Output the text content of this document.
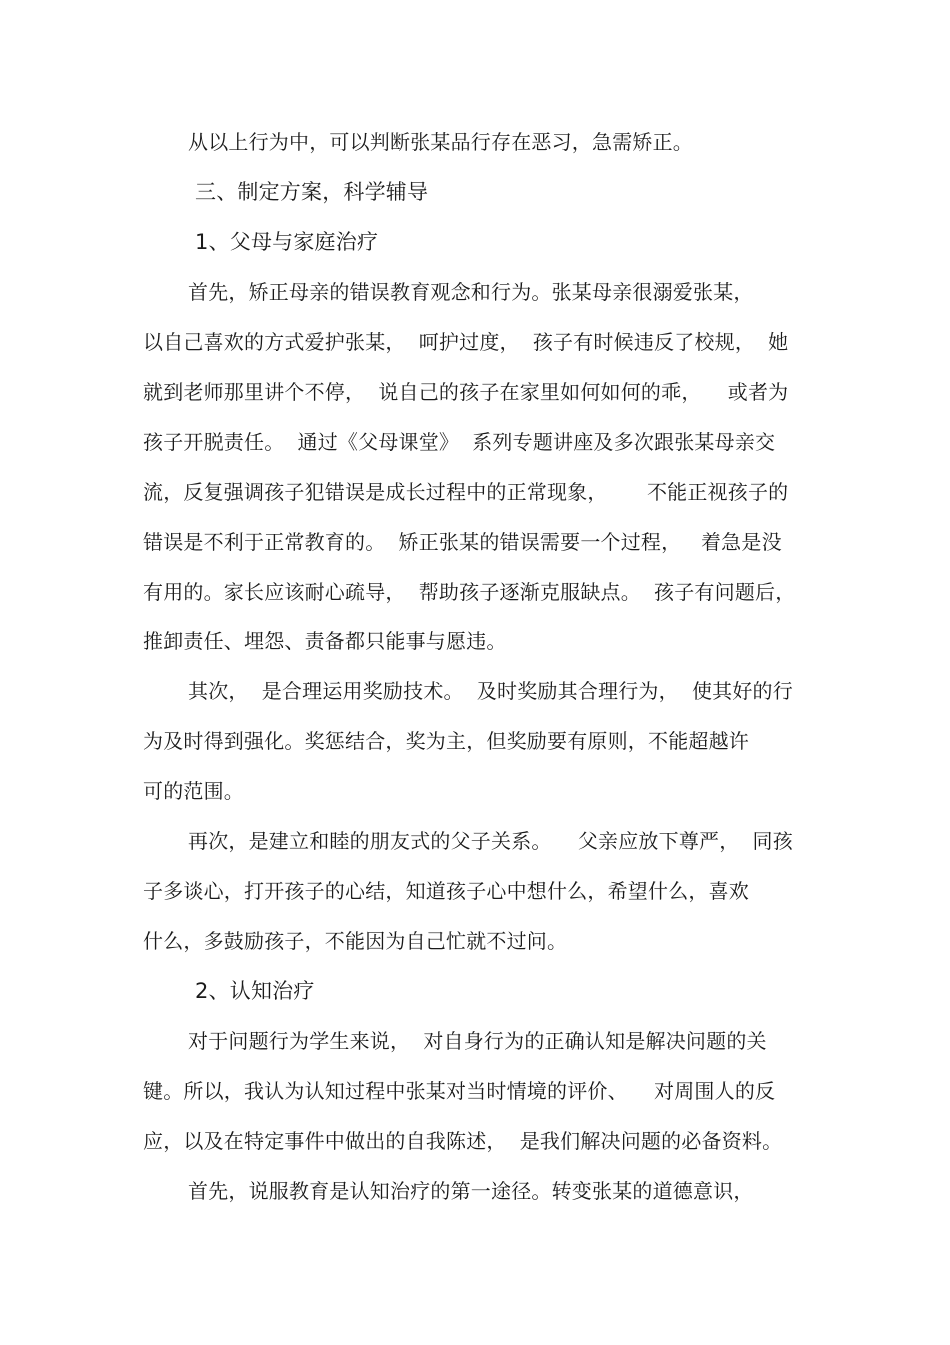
从以上行为中，可以判断张某品行存在恶习，急需矫正。
三、制定方案，科学辅导
1、父母与家庭治疗
首先，矫正母亲的错误教育观念和行为。张某母亲很溺爱张某，
以自己喜欢的方式爱护张某，  呵护过度，  孩子有时候违反了校规，  她
就到老师那里讲个不停，  说自己的孩子在家里如何如何的乖，    或者为
孩子开脱责任。  通过《父母课堂》  系列专题讲座及多次跟张某母亲交
流，反复强调孩子犯错误是成长过程中的正常现象，      不能正视孩子的
错误是不利于正常教育的。  矫正张某的错误需要一个过程，   着急是没
有用的。家长应该耐心疏导，  帮助孩子逐渐克服缺点。  孩子有问题后，
推卸责任、埋怨、责备都只能事与愿违。
其次，  是合理运用奖励技术。  及时奖励其合理行为，  使其好的行
为及时得到强化。奖惩结合，奖为主，但奖励要有原则，不能超越许
可的范围。
再次，是建立和睦的朋友式的父子关系。    父亲应放下尊严，  同孩
子多谈心，打开孩子的心结，知道孩子心中想什么，希望什么，喜欢
什么，多鼓励孩子，不能因为自己忙就不过问。
2、认知治疗
对于问题行为学生来说，  对自身行为的正确认知是解决问题的关
键。所以，我认为认知过程中张某对当时情境的评价、    对周围人的反
应，以及在特定事件中做出的自我陈述，  是我们解决问题的必备资料。
首先，说服教育是认知治疗的第一途径。转变张某的道德意识，
